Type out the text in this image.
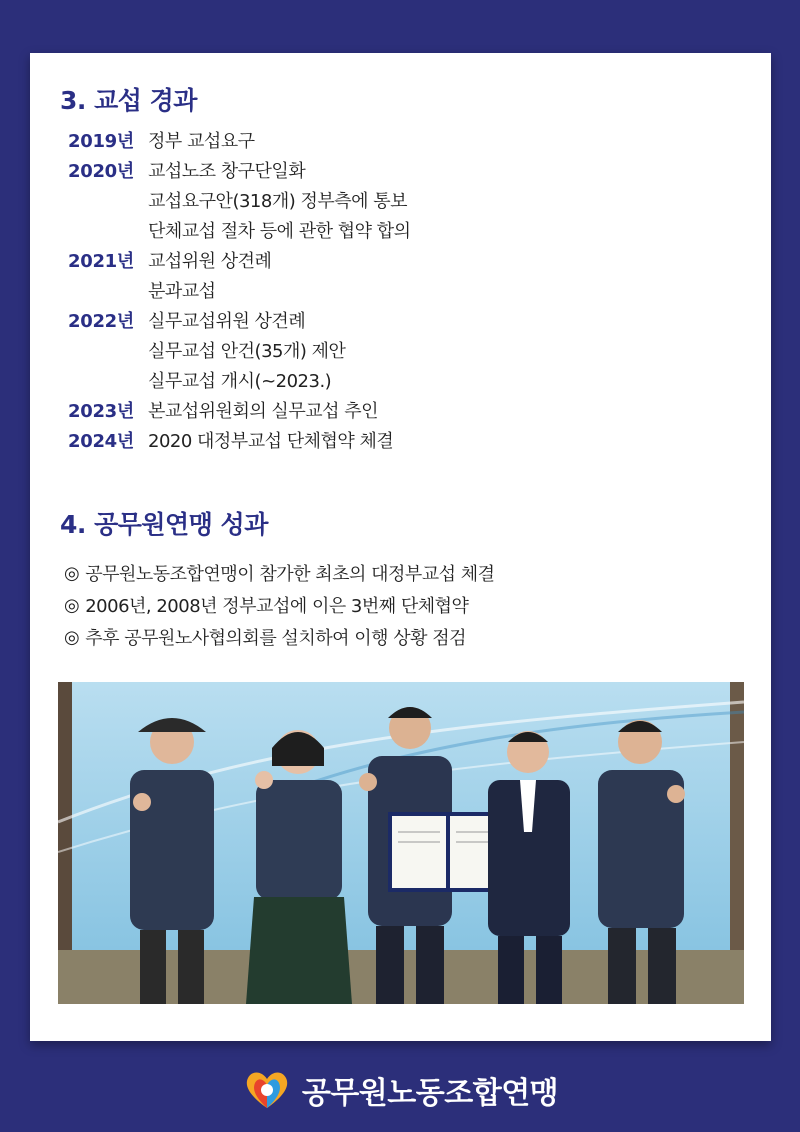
3. 교섭 경과
2019년 정부 교섭요구
2020년 교섭노조 창구단일화
교섭요구안(318개) 정부측에 통보
단체교섭 절차 등에 관한 협약 합의
2021년 교섭위원 상견례
분과교섭
2022년 실무교섭위원 상견례
실무교섭 안건(35개) 제안
실무교섭 개시(~2023.)
2023년 본교섭위원회의 실무교섭 추인
2024년 2020 대정부교섭 단체협약 체결
4. 공무원연맹 성과
◎ 공무원노동조합연맹이 참가한 최초의 대정부교섭 체결
◎ 2006년, 2008년 정부교섭에 이은 3번째 단체협약
◎ 추후 공무원노사협의회를 설치하여 이행 상황 점검
공무원노동조합연맹
